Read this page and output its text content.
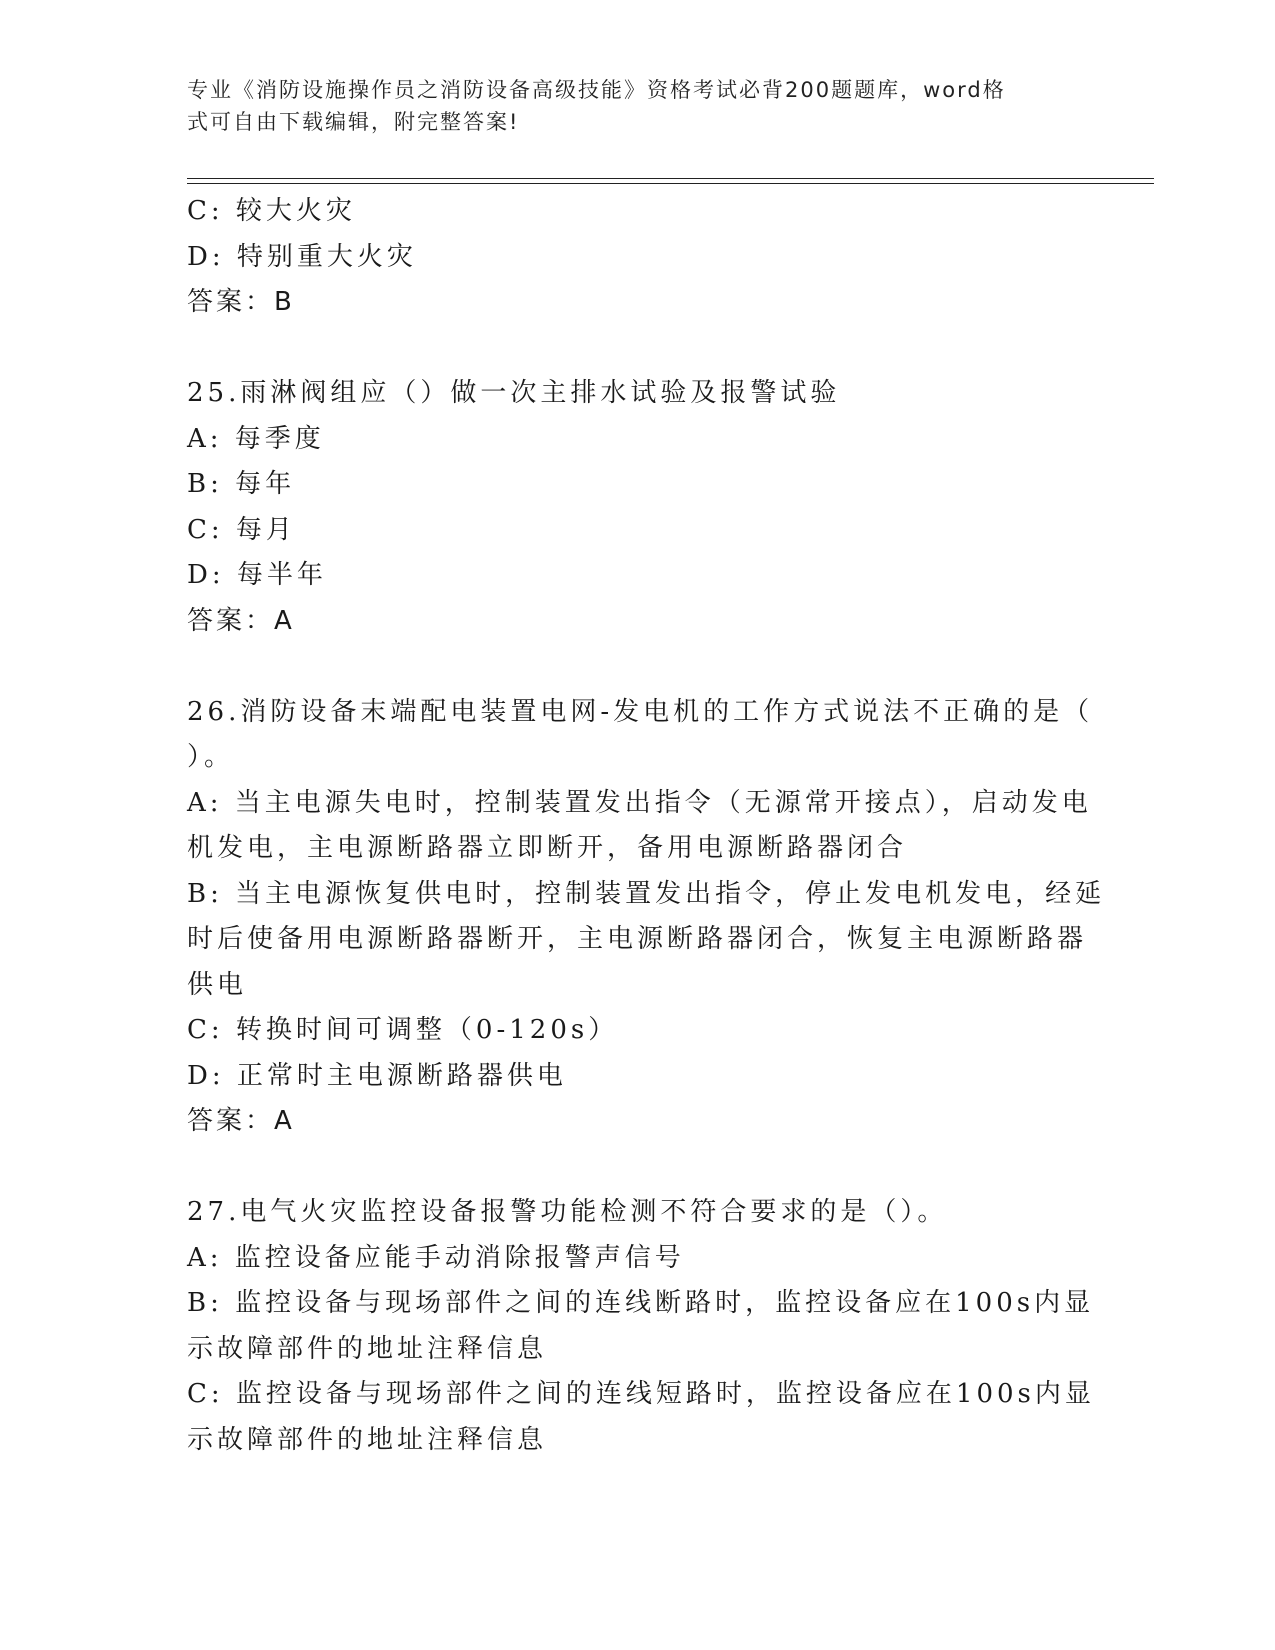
专业《消防设施操作员之消防设备高级技能》资格考试必背200题题库，word格
式可自由下载编辑，附完整答案!
C: 较大火灾
D: 特别重大火灾
答案：B
25.雨淋阀组应（）做一次主排水试验及报警试验
A: 每季度
B: 每年
C: 每月
D: 每半年
答案：A
26.消防设备末端配电装置电网-发电机的工作方式说法不正确的是（
）。
A: 当主电源失电时，控制装置发出指令（无源常开接点），启动发电
机发电，主电源断路器立即断开，备用电源断路器闭合
B: 当主电源恢复供电时，控制装置发出指令，停止发电机发电，经延
时后使备用电源断路器断开，主电源断路器闭合，恢复主电源断路器
供电
C: 转换时间可调整（0-120s）
D: 正常时主电源断路器供电
答案：A
27.电气火灾监控设备报警功能检测不符合要求的是（）。
A: 监控设备应能手动消除报警声信号
B: 监控设备与现场部件之间的连线断路时，监控设备应在100s内显
示故障部件的地址注释信息
C: 监控设备与现场部件之间的连线短路时，监控设备应在100s内显
示故障部件的地址注释信息
